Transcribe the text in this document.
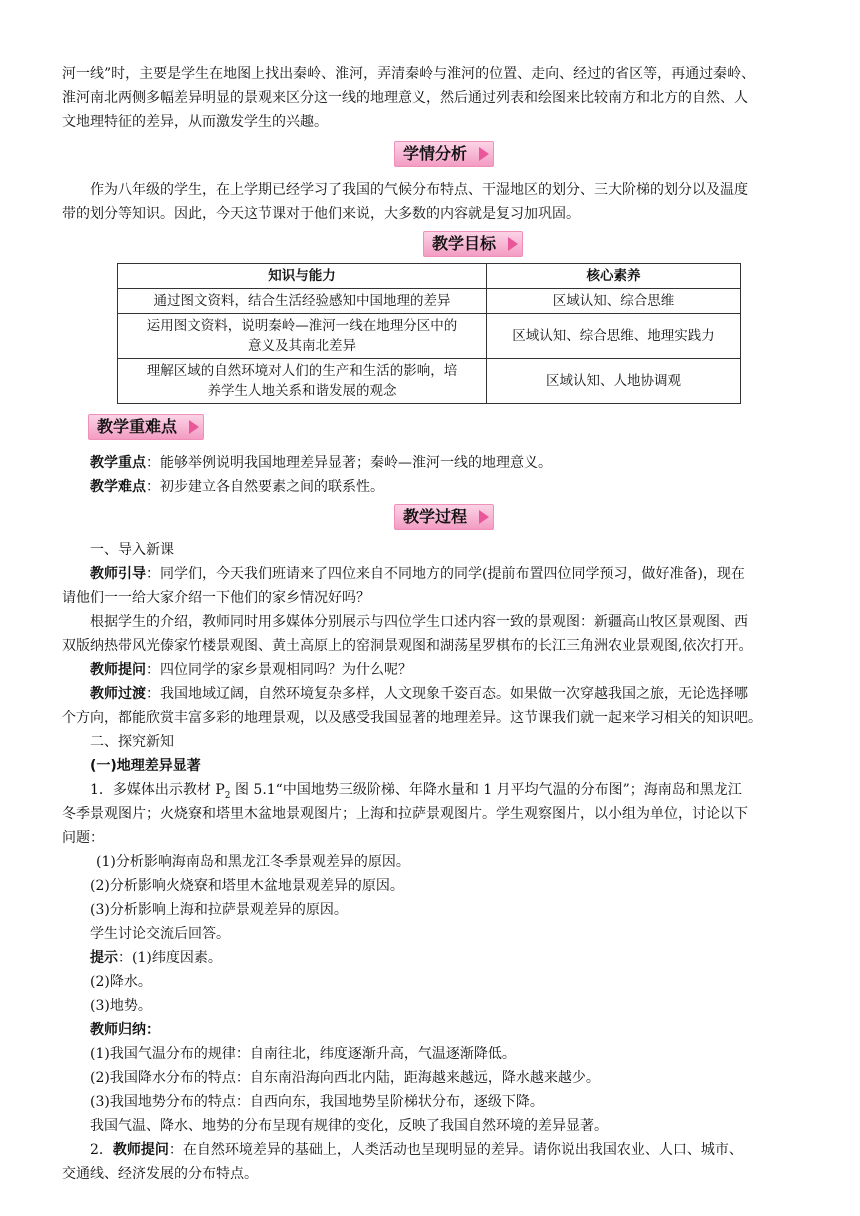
河一线”时，主要是学生在地图上找出秦岭、淮河，弄清秦岭与淮河的位置、走向、经过的省区等，再通过秦岭、

淮河南北两侧多幅差异明显的景观来区分这一线的地理意义，然后通过列表和绘图来比较南方和北方的自然、人

文地理特征的差异，从而激发学生的兴趣。

学情分析

作为八年级的学生，在上学期已经学习了我国的气候分布特点、干湿地区的划分、三大阶梯的划分以及温度

带的划分等知识。因此，今天这节课对于他们来说，大多数的内容就是复习加巩固。

教学目标
知识与能力	核心素养
通过图文资料，结合生活经验感知中国地理的差异	区域认知、综合思维
运用图文资料，说明秦岭—淮河一线在地理分区中的
意义及其南北差异	区域认知、综合思维、地理实践力
理解区域的自然环境对人们的生产和生活的影响，培
养学生人地关系和谐发展的观念	区域认知、人地协调观
教学重难点

教学重点：能够举例说明我国地理差异显著；秦岭—淮河一线的地理意义。

教学难点：初步建立各自然要素之间的联系性。

教学过程

一、导入新课

教师引导：同学们，今天我们班请来了四位来自不同地方的同学(提前布置四位同学预习，做好准备)，现在

请他们一一给大家介绍一下他们的家乡情况好吗？

根据学生的介绍，教师同时用多媒体分别展示与四位学生口述内容一致的景观图：新疆高山牧区景观图、西

双版纳热带风光傣家竹楼景观图、黄土高原上的窑洞景观图和湖荡星罗棋布的长江三角洲农业景观图,依次打开。

教师提问：四位同学的家乡景观相同吗？为什么呢？

教师过渡：我国地域辽阔，自然环境复杂多样，人文现象千姿百态。如果做一次穿越我国之旅，无论选择哪

个方向，都能欣赏丰富多彩的地理景观，以及感受我国显著的地理差异。这节课我们就一起来学习相关的知识吧。

二、探究新知

(一)地理差异显著

1．多媒体出示教材 $P_2$ 图 5.1“中国地势三级阶梯、年降水量和 1 月平均气温的分布图”；海南岛和黑龙江

冬季景观图片；火烧寮和塔里木盆地景观图片；上海和拉萨景观图片。学生观察图片，以小组为单位，讨论以下

问题：

(1)分析影响海南岛和黑龙江冬季景观差异的原因。

(2)分析影响火烧寮和塔里木盆地景观差异的原因。

(3)分析影响上海和拉萨景观差异的原因。

学生讨论交流后回答。

提示：(1)纬度因素。

(2)降水。

(3)地势。

教师归纳：

(1)我国气温分布的规律：自南往北，纬度逐渐升高，气温逐渐降低。

(2)我国降水分布的特点：自东南沿海向西北内陆，距海越来越远，降水越来越少。

(3)我国地势分布的特点：自西向东，我国地势呈阶梯状分布，逐级下降。

我国气温、降水、地势的分布呈现有规律的变化，反映了我国自然环境的差异显著。

2．教师提问：在自然环境差异的基础上，人类活动也呈现明显的差异。请你说出我国农业、人口、城市、

交通线、经济发展的分布特点。
